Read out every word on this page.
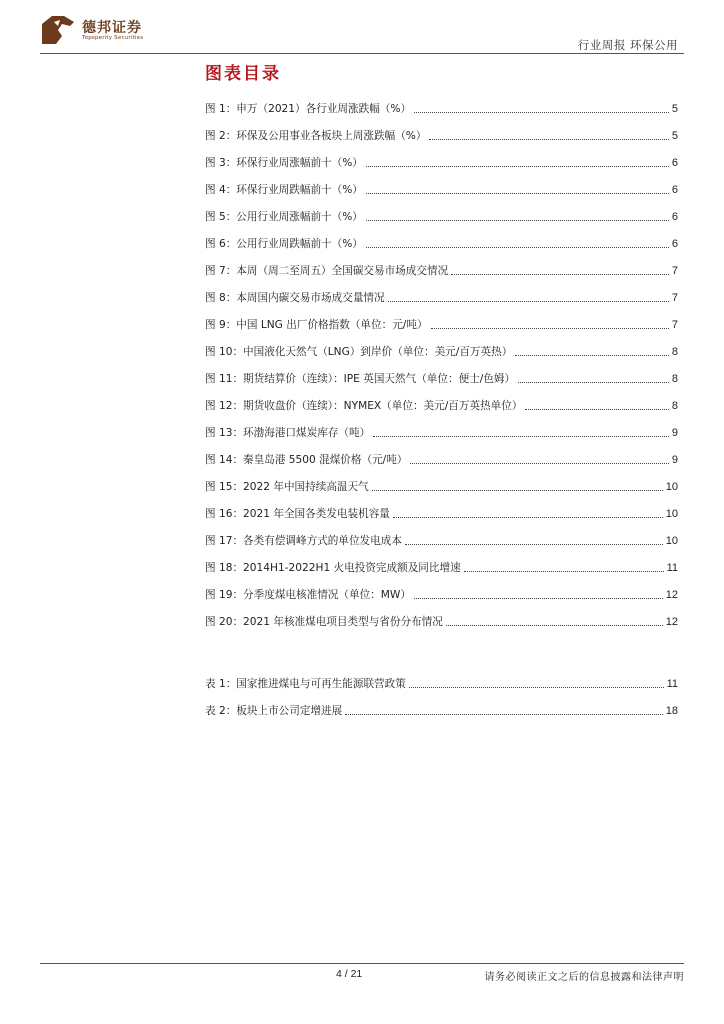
德邦证券
Topsperity Securities	行业周报 环保公用
图表目录
图 1：申万（2021）各行业周涨跌幅（%）	5
图 2：环保及公用事业各板块上周涨跌幅（%）	5
图 3：环保行业周涨幅前十（%）	6
图 4：环保行业周跌幅前十（%）	6
图 5：公用行业周涨幅前十（%）	6
图 6：公用行业周跌幅前十（%）	6
图 7：本周（周二至周五）全国碳交易市场成交情况	7
图 8：本周国内碳交易市场成交量情况	7
图 9：中国 LNG 出厂价格指数（单位：元/吨）	7
图 10：中国液化天然气（LNG）到岸价（单位：美元/百万英热）	8
图 11：期货结算价（连续）：IPE 英国天然气（单位：便士/色姆）	8
图 12：期货收盘价（连续）：NYMEX（单位：美元/百万英热单位）	8
图 13：环渤海港口煤炭库存（吨）	9
图 14：秦皇岛港 5500 混煤价格（元/吨）	9
图 15：2022 年中国持续高温天气	10
图 16：2021 年全国各类发电装机容量	10
图 17：各类有偿调峰方式的单位发电成本	10
图 18：2014H1-2022H1 火电投资完成额及同比增速	11
图 19：分季度煤电核准情况（单位：MW）	12
图 20：2021 年核准煤电项目类型与省份分布情况	12
表 1：国家推进煤电与可再生能源联营政策	11
表 2：板块上市公司定增进展	18
4 / 21	请务必阅读正文之后的信息披露和法律声明
